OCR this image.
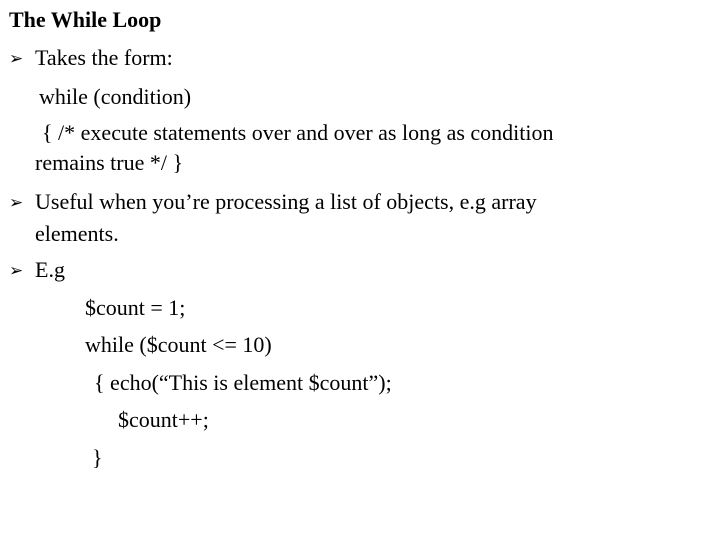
The While Loop
➢ Takes the form:
while (condition)
{ /* execute statements over and over as long as condition
remains true */ }
➢ Useful when you’re processing a list of objects, e.g array
elements.
➢ E.g
$count = 1;
while ($count <= 10)
{ echo(“This is element $count”);
$count++;
}
